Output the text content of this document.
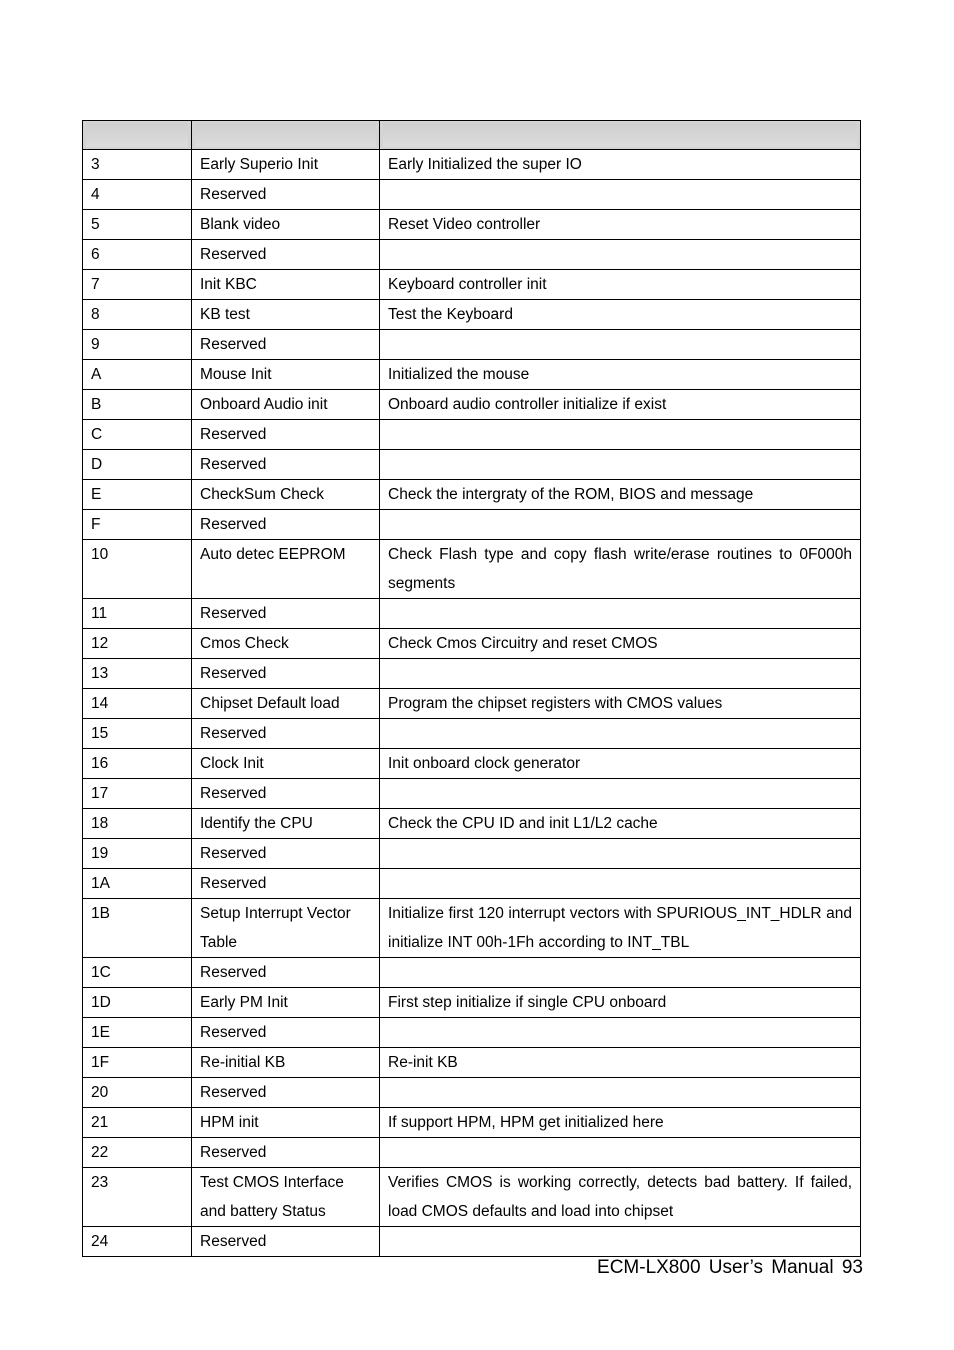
3	Early Superio Init	Early Initialized the super IO
4	Reserved	
5	Blank video	Reset Video controller
6	Reserved	
7	Init KBC	Keyboard controller init
8	KB test	Test the Keyboard
9	Reserved	
A	Mouse Init	Initialized the mouse
B	Onboard Audio init	Onboard audio controller initialize if exist
C	Reserved	
D	Reserved	
E	CheckSum Check	Check the intergraty of the ROM, BIOS and message
F	Reserved	
10	Auto detec EEPROM	Check Flash type and copy flash write/erase routines to 0F000h segments
11	Reserved	
12	Cmos Check	Check Cmos Circuitry and reset CMOS
13	Reserved	
14	Chipset Default load	Program the chipset registers with CMOS values
15	Reserved	
16	Clock Init	Init onboard clock generator
17	Reserved	
18	Identify the CPU	Check the CPU ID and init L1/L2 cache
19	Reserved	
1A	Reserved	
1B	Setup Interrupt Vector Table	Initialize first 120 interrupt vectors with SPURIOUS_INT_HDLR and initialize INT 00h-1Fh according to INT_TBL
1C	Reserved	
1D	Early PM Init	First step initialize if single CPU onboard
1E	Reserved	
1F	Re-initial KB	Re-init KB
20	Reserved	
21	HPM init	If support HPM, HPM get initialized here
22	Reserved	
23	Test CMOS Interface and battery Status	Verifies CMOS is working correctly, detects bad battery. If failed, load CMOS defaults and load into chipset
24	Reserved	
ECM-LX800 User’s Manual 93
